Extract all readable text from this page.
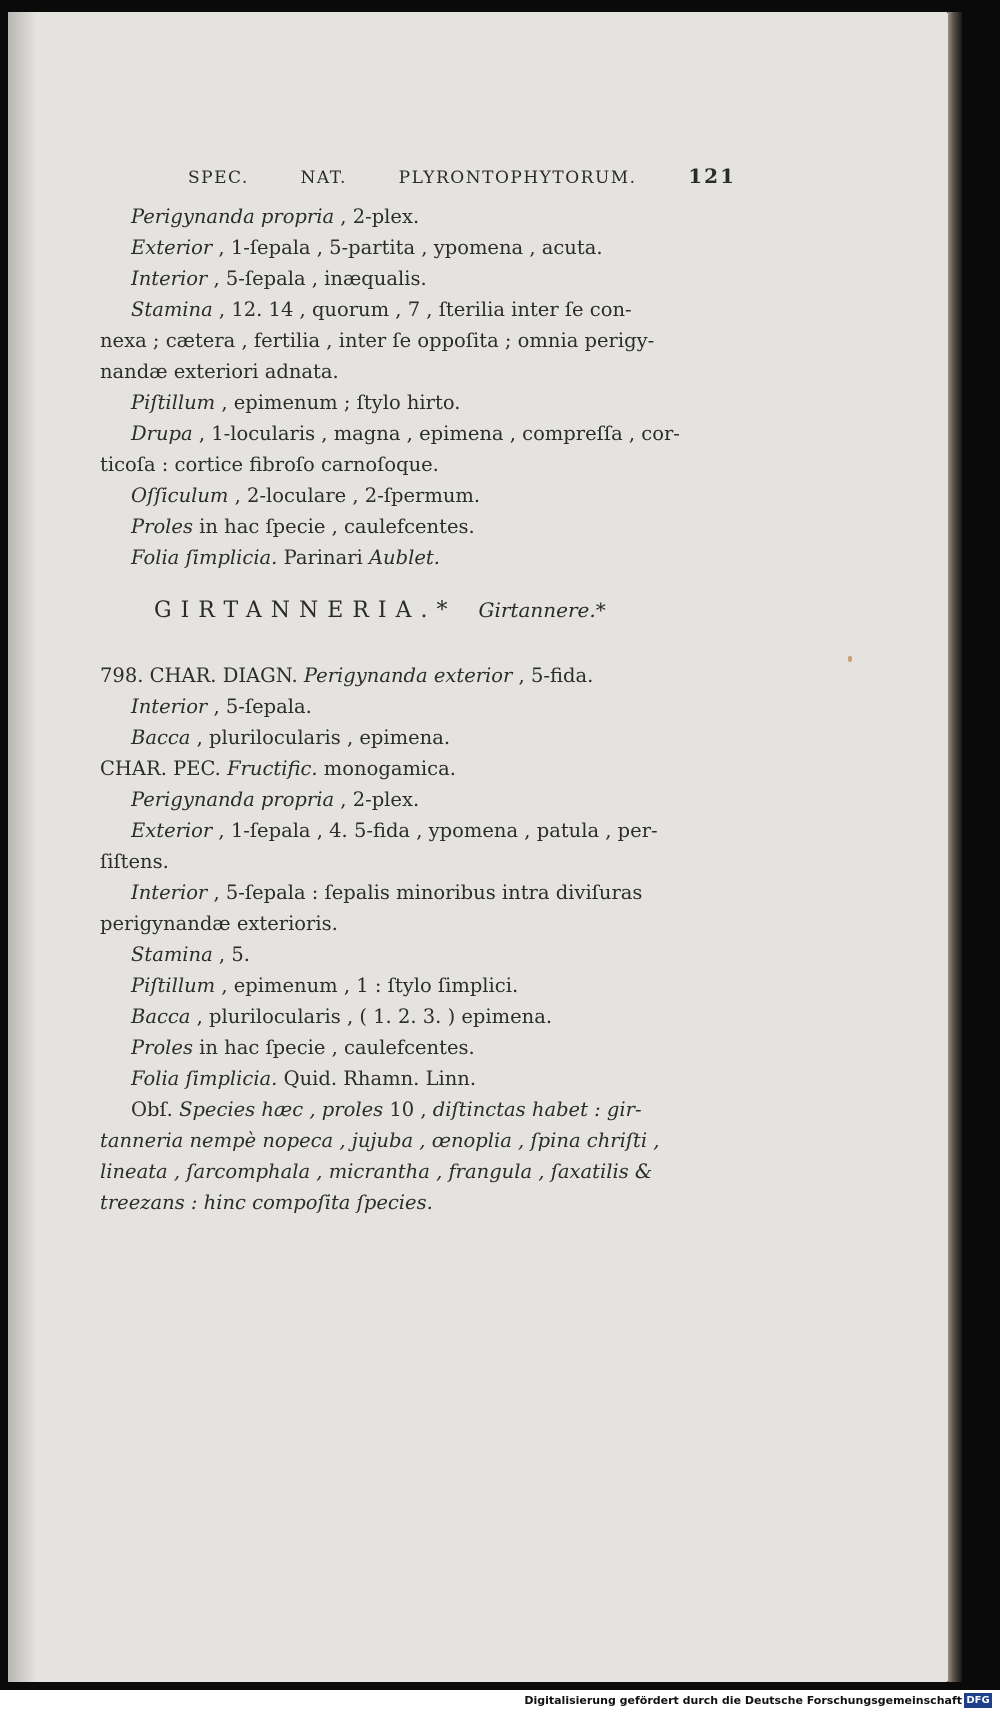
SPEC.	NAT.	PLYRONTOPHYTORUM.	121
Perigynanda propria , 2-plex.
Exterior , 1-ſepala , 5-partita , ypomena , acuta.
Interior , 5-ſepala , inæqualis.
Stamina , 12. 14 , quorum , 7 , ſterilia inter ſe con-
nexa ; cætera , fertilia , inter ſe oppoſita ; omnia perigy-
nandæ exteriori adnata.
Piſtillum , epimenum ; ſtylo hirto.
Drupa , 1-locularis , magna , epimena , compreſſa , cor-
ticoſa : cortice fibroſo carnoſoque.
Oſſiculum , 2-loculare , 2-ſpermum.
Proles in hac ſpecie , caulefcentes.
Folia ſimplicia. Parinari Aublet.
GIRTANNERIA.* Girtannere.*
798. CHAR. DIAGN. Perigynanda exterior , 5-fida.
Interior , 5-ſepala.
Bacca , plurilocularis , epimena.
CHAR. PEC. Fructific. monogamica.
Perigynanda propria , 2-plex.
Exterior , 1-ſepala , 4. 5-fida , ypomena , patula , per-
ſiſtens.
Interior , 5-ſepala : ſepalis minoribus intra diviſuras
perigynandæ exterioris.
Stamina , 5.
Piſtillum , epimenum , 1 : ſtylo ſimplici.
Bacca , plurilocularis , ( 1. 2. 3. ) epimena.
Proles in hac ſpecie , caulefcentes.
Folia ſimplicia. Quid. Rhamn. Linn.
Obſ. Species hæc , proles 10 , diſtinctas habet : gir-
tanneria nempè nopeca , jujuba , œnoplia , ſpina chriſti ,
lineata , ſarcomphala , micrantha , frangula , ſaxatilis &
treezans : hinc compoſita ſpecies.
Digitalisierung gefördert durch die Deutsche Forschungsgemeinschaft DFG
